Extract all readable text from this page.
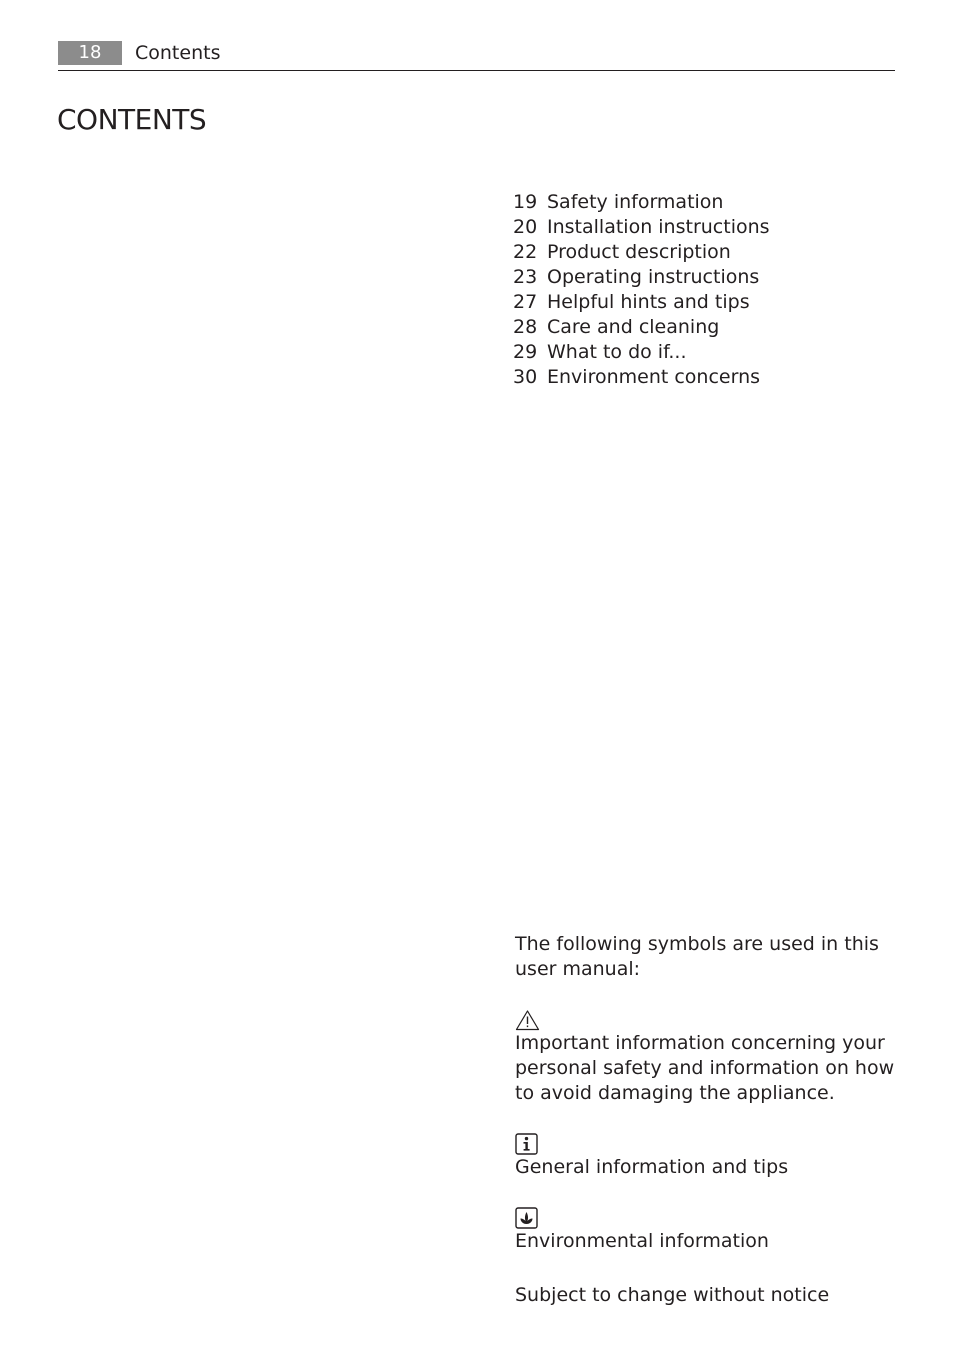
18	Contents
CONTENTS
19 Safety information
20 Installation instructions
22 Product description
23 Operating instructions
27 Helpful hints and tips
28 Care and cleaning
29 What to do if...
30 Environment concerns

The following symbols are used in this user manual:

Important information concerning your personal safety and information on how to avoid damaging the appliance.

General information and tips

Environmental information

Subject to change without notice
